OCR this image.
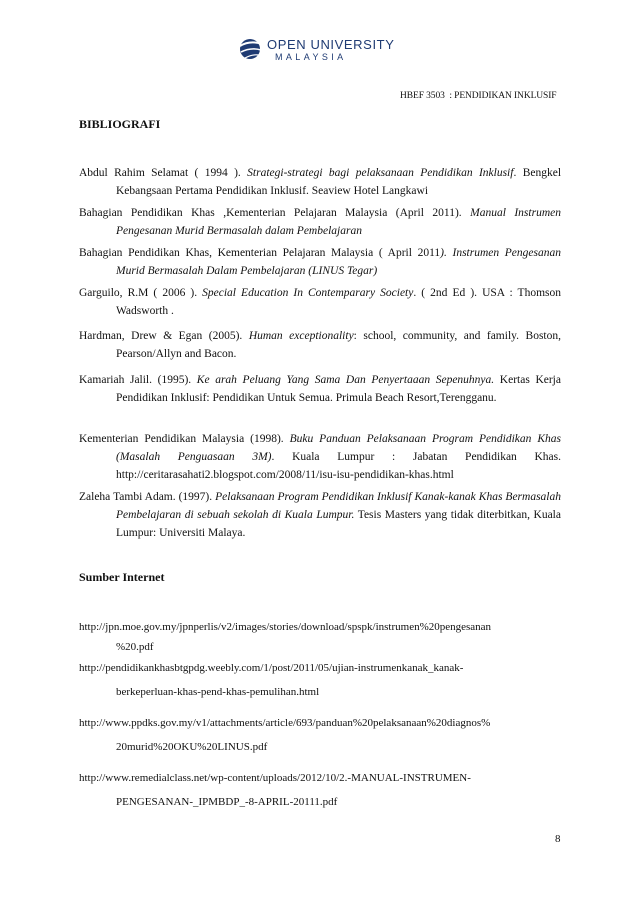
OPEN UNIVERSITY
MALAYSIA
HBEF 3503 : PENDIDIKAN INKLUSIF
BIBLIOGRAFI
Abdul Rahim Selamat ( 1994 ). Strategi-strategi bagi pelaksanaan Pendidikan Inklusif. Bengkel Kebangsaan Pertama Pendidikan Inklusif. Seaview Hotel Langkawi
Bahagian Pendidikan Khas ,Kementerian Pelajaran Malaysia (April 2011). Manual Instrumen Pengesanan Murid Bermasalah dalam Pembelajaran
Bahagian Pendidikan Khas, Kementerian Pelajaran Malaysia ( April 2011). Instrumen Pengesanan Murid Bermasalah Dalam Pembelajaran (LINUS Tegar)
Garguilo, R.M ( 2006 ). Special Education In Contemparary Society. ( 2nd Ed ). USA : Thomson Wadsworth .
Hardman, Drew & Egan (2005). Human exceptionality: school, community, and family. Boston, Pearson/Allyn and Bacon.
Kamariah Jalil. (1995). Ke arah Peluang Yang Sama Dan Penyertaaan Sepenuhnya. Kertas Kerja Pendidikan Inklusif: Pendidikan Untuk Semua. Primula Beach Resort,Terengganu.
Kementerian Pendidikan Malaysia (1998). Buku Panduan Pelaksanaan Program Pendidikan Khas (Masalah Penguasaan 3M). Kuala Lumpur : Jabatan Pendidikan Khas. http://ceritarasahati2.blogspot.com/2008/11/isu-isu-pendidikan-khas.html
Zaleha Tambi Adam. (1997). Pelaksanaan Program Pendidikan Inklusif Kanak-kanak Khas Bermasalah Pembelajaran di sebuah sekolah di Kuala Lumpur. Tesis Masters yang tidak diterbitkan, Kuala Lumpur: Universiti Malaya.
Sumber Internet
http://jpn.moe.gov.my/jpnperlis/v2/images/stories/download/spspk/instrumen%20pengesanan
%20.pdf
http://pendidikankhasbtgpdg.weebly.com/1/post/2011/05/ujian-instrumenkanak_kanak-
berkeperluan-khas-pend-khas-pemulihan.html
http://www.ppdks.gov.my/v1/attachments/article/693/panduan%20pelaksanaan%20diagnos%
20murid%20OKU%20LINUS.pdf
http://www.remedialclass.net/wp-content/uploads/2012/10/2.-MANUAL-INSTRUMEN-
PENGESANAN-_IPMBDP_-8-APRIL-20111.pdf
8
